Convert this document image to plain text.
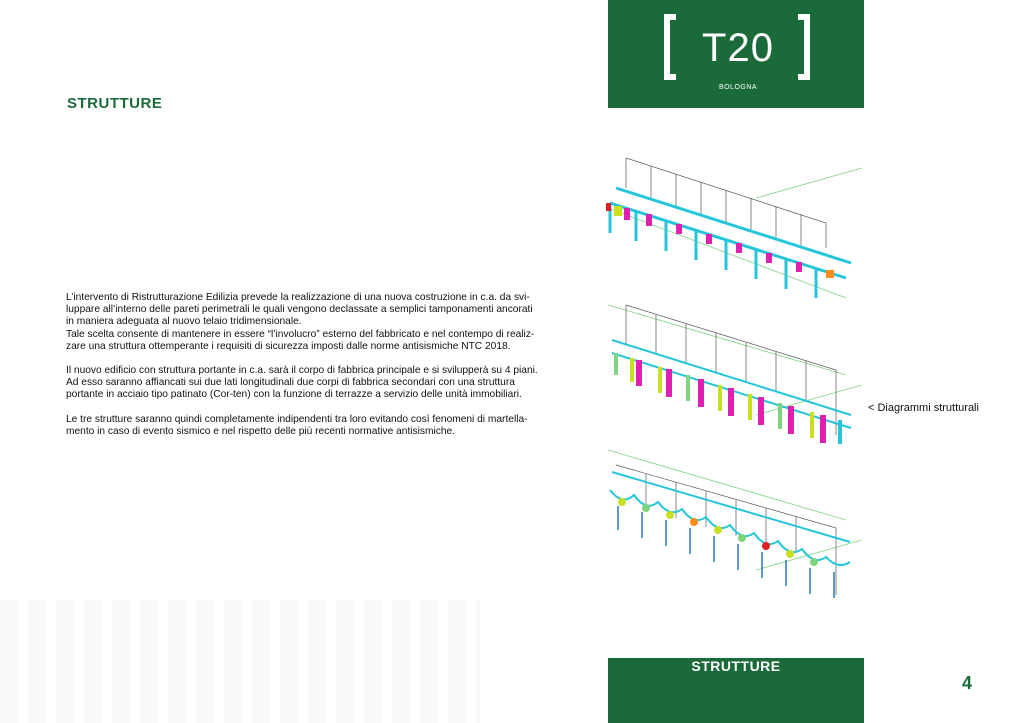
T20
BOLOGNA
STRUTTURE

L’intervento di Ristrutturazione Edilizia prevede la realizzazione di una nuova costruzione in c.a. da svi-
luppare all’interno delle pareti perimetrali le quali vengono declassate a semplici tamponamenti ancorati
in maniera adeguata al nuovo telaio tridimensionale.
Tale scelta consente di mantenere in essere “l’involucro” esterno del fabbricato e nel contempo di realiz-
zare una struttura ottemperante i requisiti di sicurezza imposti dalle norme antisismiche NTC 2018.

Il nuovo edificio con struttura portante in c.a. sarà il corpo di fabbrica principale e si svilupperà su 4 piani.
Ad esso saranno affiancati sui due lati longitudinali due corpi di fabbrica secondari con una struttura
portante in acciaio tipo patinato (Cor-ten) con la funzione di terrazze a servizio delle unità immobiliari.

Le tre strutture saranno quindi completamente indipendenti tra loro evitando così fenomeni di martella-
mento in caso di evento sismico e nel rispetto delle più recenti normative antisismiche.

< Diagrammi strutturali
STRUTTURE
4
